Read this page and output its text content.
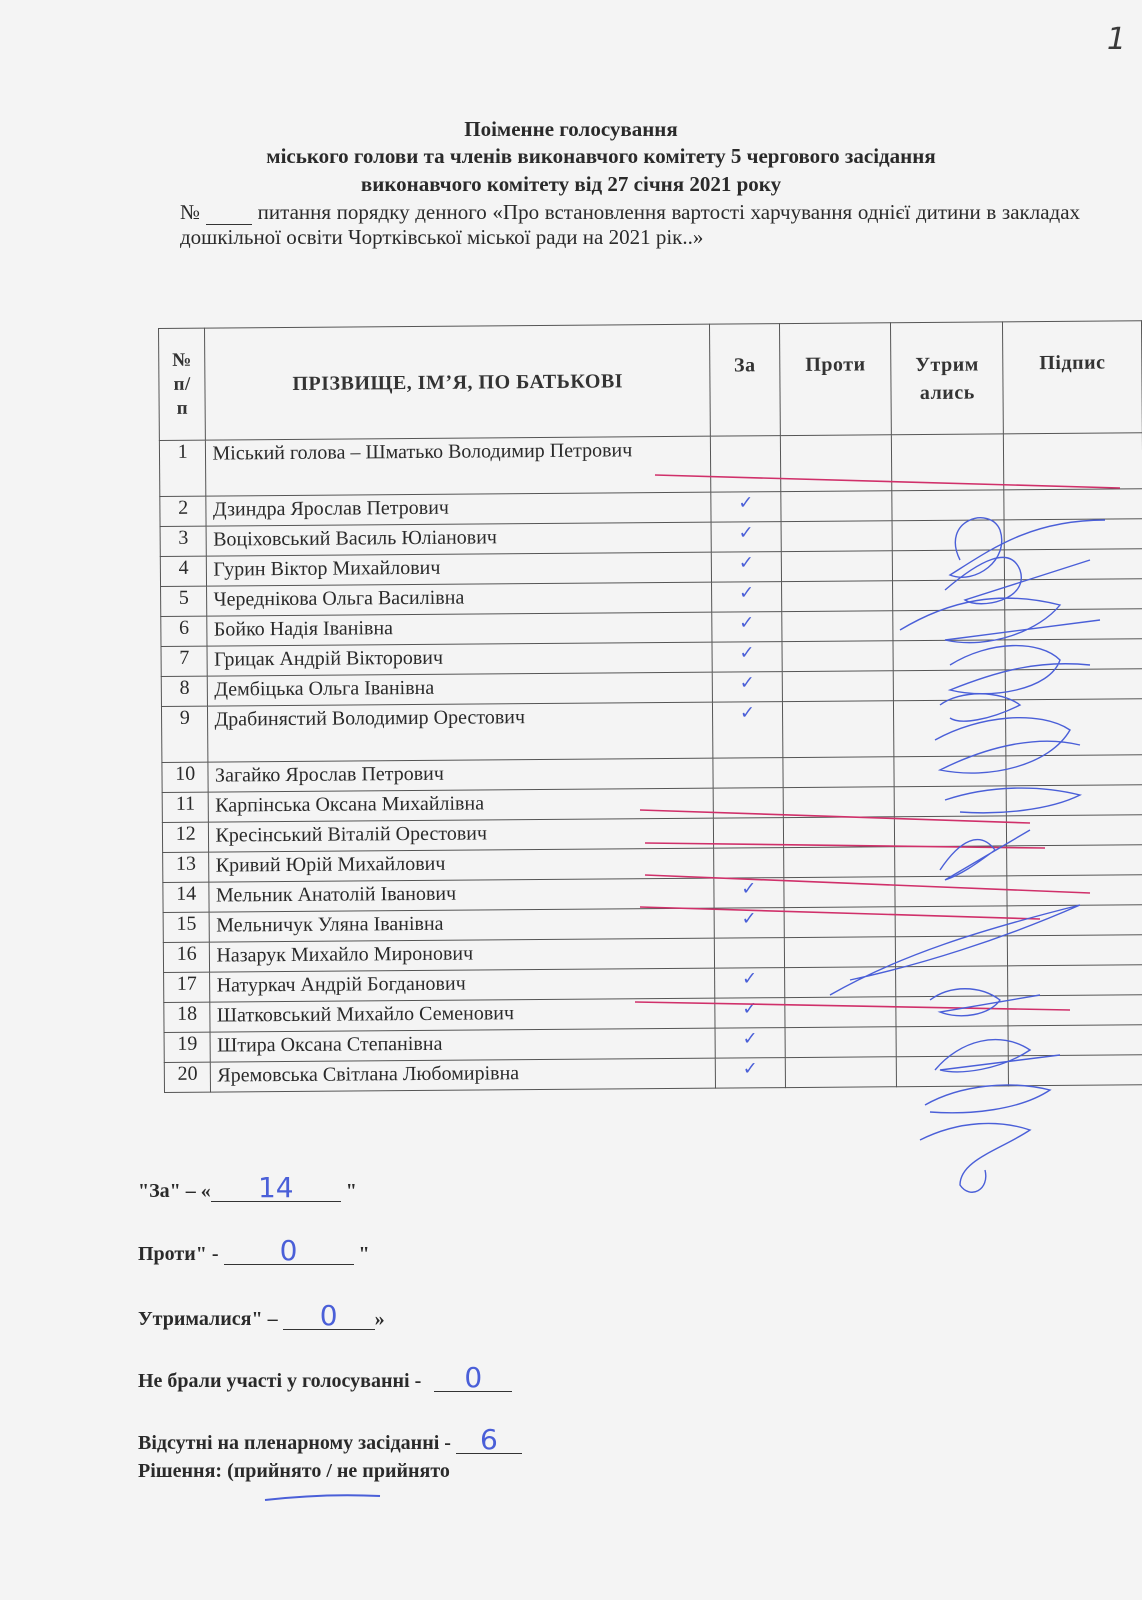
1
Поіменне голосування
міського голови та членів виконавчого комітету 5 чергового засідання
виконавчого комітету від 27 січня 2021 року
№	питання порядку денного «Про встановлення вартості харчування однієї дитини в закладах дошкільної освіти Чортківської міської ради на 2021 рік..»
№ п/ п	ПРІЗВИЩЕ, ІМ’Я, ПО БАТЬКОВІ	За	Проти	Утрим ались	Підпис
1	Міський голова – Шматько Володимир Петрович				
2	Дзиндра Ярослав Петрович	✓			
3	Воціховський Василь Юліанович	✓			
4	Гурин Віктор Михайлович	✓			
5	Череднікова Ольга Василівна	✓			
6	Бойко Надія Іванівна	✓			
7	Грицак Андрій Вікторович	✓			
8	Дембіцька Ольга Іванівна	✓			
9	Драбинястий Володимир Орестович	✓			
10	Загайко Ярослав Петрович				
11	Карпінська Оксана Михайлівна				
12	Кресінський Віталій Орестович				
13	Кривий Юрій Михайлович				
14	Мельник Анатолій Іванович	✓			
15	Мельничук Уляна Іванівна	✓			
16	Назарук Михайло Миронович				
17	Натуркач Андрій Богданович	✓			
18	Шатковський Михайло Семенович	✓			
19	Штира Оксана Степанівна	✓			
20	Яремовська Світлана Любомирівна	✓			
"За" – « 14	"
Проти" - 0	"
Утрималися" – 0 »
Не брали участі у голосуванні - 0
Відсутні на пленарному засіданні - 6
Рішення: (прийнято / не прийнято
